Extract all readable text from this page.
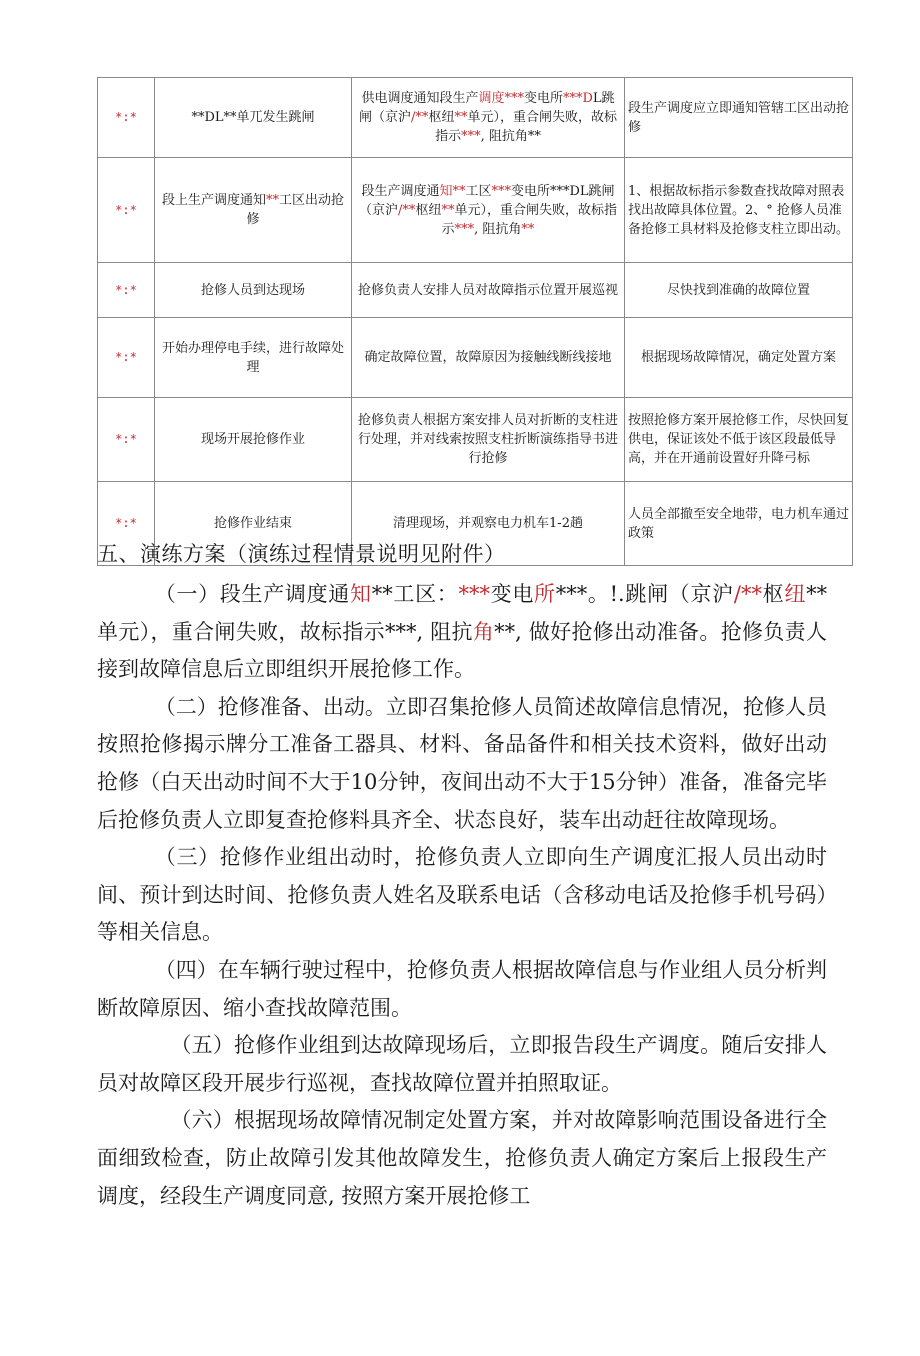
*:*	**DL**单兀发生跳闸	供电调度通知段生产调度***变电所***DL跳闸（京沪/**枢纽**单元），重合闸失败，故标指示***, 阻抗角**	段生产调度应立即通知管辖工区出动抢修
*:*	段上生产调度通知**工区出动抢修	段生产调度通知**工区***变电所***DL跳闸（京沪/**枢纽**单元），重合闸失败，故标指示***, 阻抗角**	1、根据故标指示参数查找故障对照表找出故障具体位置。2、° 抢修人员准备抢修工具材料及抢修支柱立即出动。
*:*	抢修人员到达现场	抢修负责人安排人员对故障指示位置开展巡视	尽快找到准确的故障位置
*:*	开始办理停电手续，进行故障处理	确定故障位置，故障原因为接触线断线接地	根据现场故障情况，确定处置方案
*:*	现场开展抢修作业	抢修负责人根据方案安排人员对折断的支柱进行处理，并对线索按照支柱折断演练指导书进行抢修	按照抢修方案开展抢修工作，尽快回复供电，保证该处不低于该区段最低导高，并在开通前设置好升降弓标
*:*	抢修作业结束	清理现场，并观察电力机车1-2趟	人员全部撤至安全地带，电力机车通过政策
五、演练方案（演练过程情景说明见附件）

（一）段生产调度通知**工区：***变电所***。!.跳闸（京沪/**枢纽**单元），重合闸失败，故标指示***, 阻抗角**, 做好抢修出动准备。抢修负责人接到故障信息后立即组织开展抢修工作。

（二）抢修准备、出动。立即召集抢修人员简述故障信息情况，抢修人员按照抢修揭示牌分工准备工器具、材料、备品备件和相关技术资料，做好出动抢修（白天出动时间不大于10分钟，夜间出动不大于15分钟）准备，准备完毕后抢修负责人立即复查抢修料具齐全、状态良好，装车出动赶往故障现场。

（三）抢修作业组出动时，抢修负责人立即向生产调度汇报人员出动时间、预计到达时间、抢修负责人姓名及联系电话（含移动电话及抢修手机号码）等相关信息。

（四）在车辆行驶过程中，抢修负责人根据故障信息与作业组人员分析判断故障原因、缩小查找故障范围。

（五）抢修作业组到达故障现场后，立即报告段生产调度。随后安排人员对故障区段开展步行巡视，查找故障位置并拍照取证。

（六）根据现场故障情况制定处置方案，并对故障影响范围设备进行全面细致检查，防止故障引发其他故障发生，抢修负责人确定方案后上报段生产调度，经段生产调度同意, 按照方案开展抢修工
